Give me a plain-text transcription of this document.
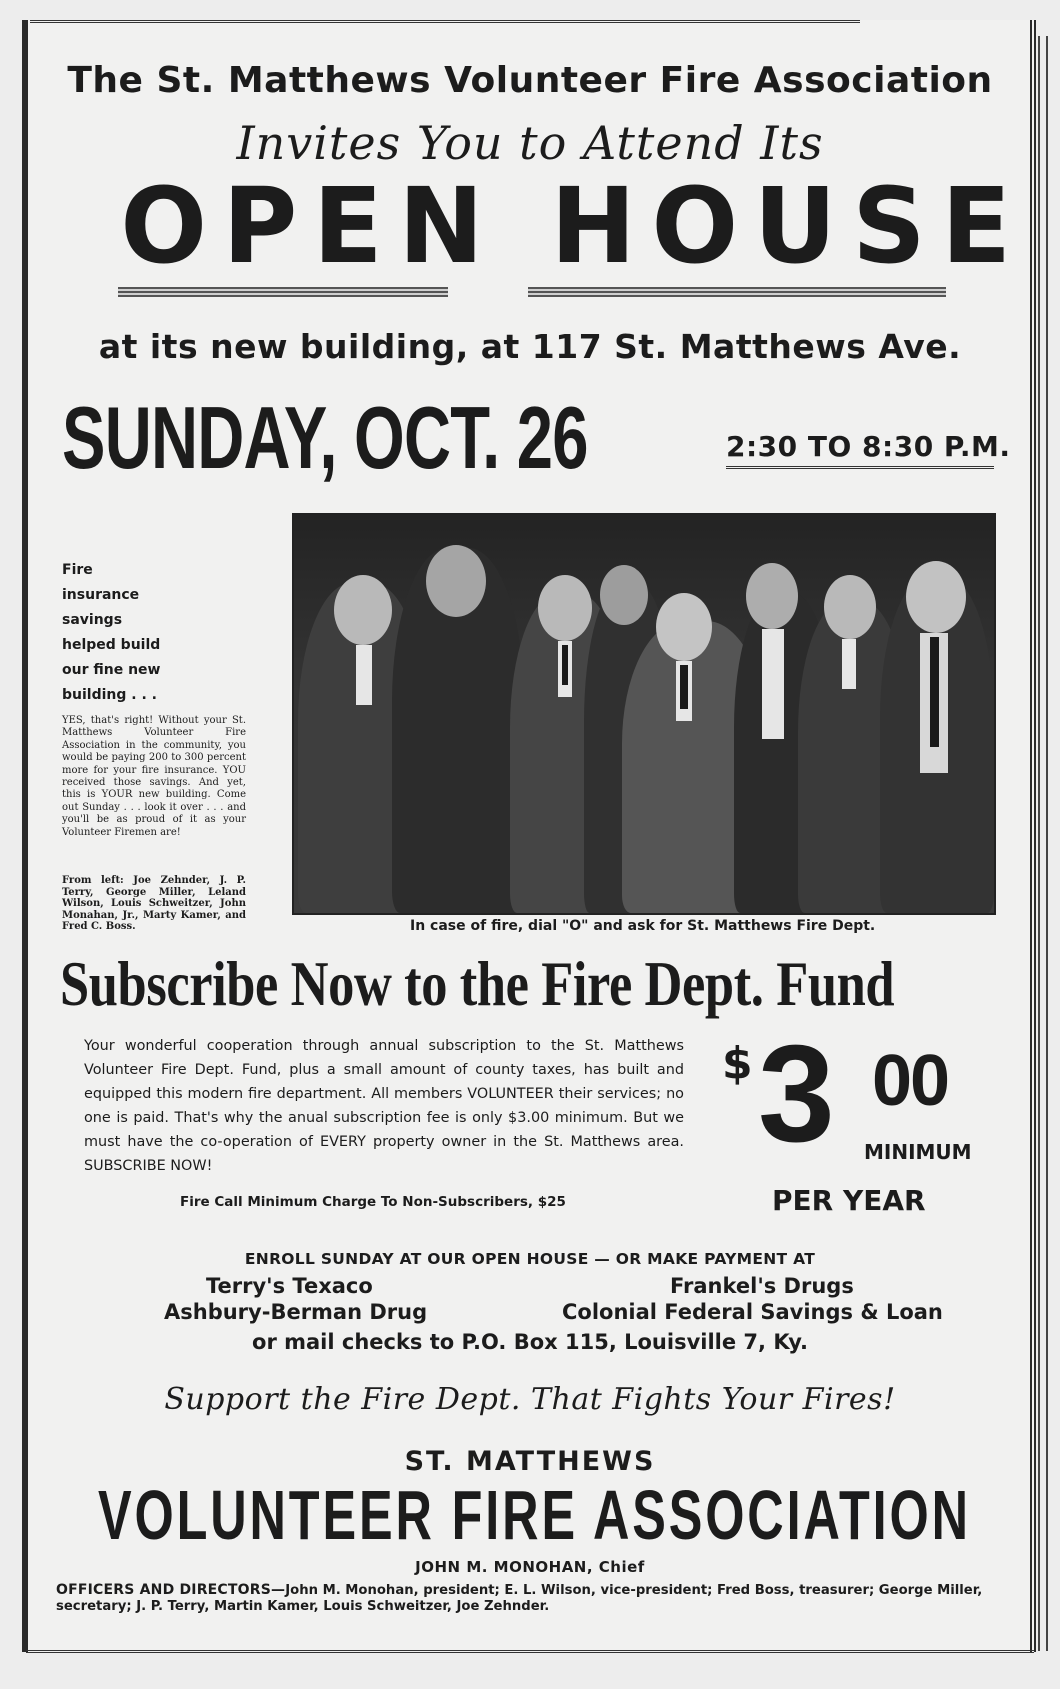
The St. Matthews Volunteer Fire Association
Invites You to Attend Its
OPEN HOUSE
at its new building, at 117 St. Matthews Ave.
SUNDAY, OCT. 26	2:30 TO 8:30 P.M.
Fire
insurance
savings
helped build
our fine new
building . . .
YES, that's right! Without your St. Matthews Volunteer Fire Association in the community, you would be paying 200 to 300 percent more for your fire insurance. YOU received those savings. And yet, this is YOUR new building. Come out Sunday . . . look it over . . . and you'll be as proud of it as your Volunteer Firemen are!
From left: Joe Zehnder, J. P. Terry, George Miller, Leland Wilson, Louis Schweitzer, John Monahan, Jr., Marty Kamer, and Fred C. Boss.	In case of fire, dial "O" and ask for St. Matthews Fire Dept.
Subscribe Now to the Fire Dept. Fund

Your wonderful cooperation through annual subscription to the St. Matthews Volunteer Fire Dept. Fund, plus a small amount of county taxes, has built and equipped this modern fire department. All members VOLUNTEER their services; no one is paid. That's why the anual subscription fee is only $3.00 minimum. But we must have the co-operation of EVERY property owner in the St. Matthews area. SUBSCRIBE NOW!

Fire Call Minimum Charge To Non-Subscribers, $25
$ 3 00
MINIMUM
PER YEAR
ENROLL SUNDAY AT OUR OPEN HOUSE — OR MAKE PAYMENT AT
Terry's Texaco	Frankel's Drugs
Ashbury-Berman Drug	Colonial Federal Savings & Loan
or mail checks to P.O. Box 115, Louisville 7, Ky.
Support the Fire Dept. That Fights Your Fires!
ST. MATTHEWS
VOLUNTEER FIRE ASSOCIATION
JOHN M. MONOHAN, Chief
OFFICERS AND DIRECTORS—John M. Monohan, president; E. L. Wilson, vice-president; Fred Boss, treasurer; George Miller, secretary; J. P. Terry, Martin Kamer, Louis Schweitzer, Joe Zehnder.
